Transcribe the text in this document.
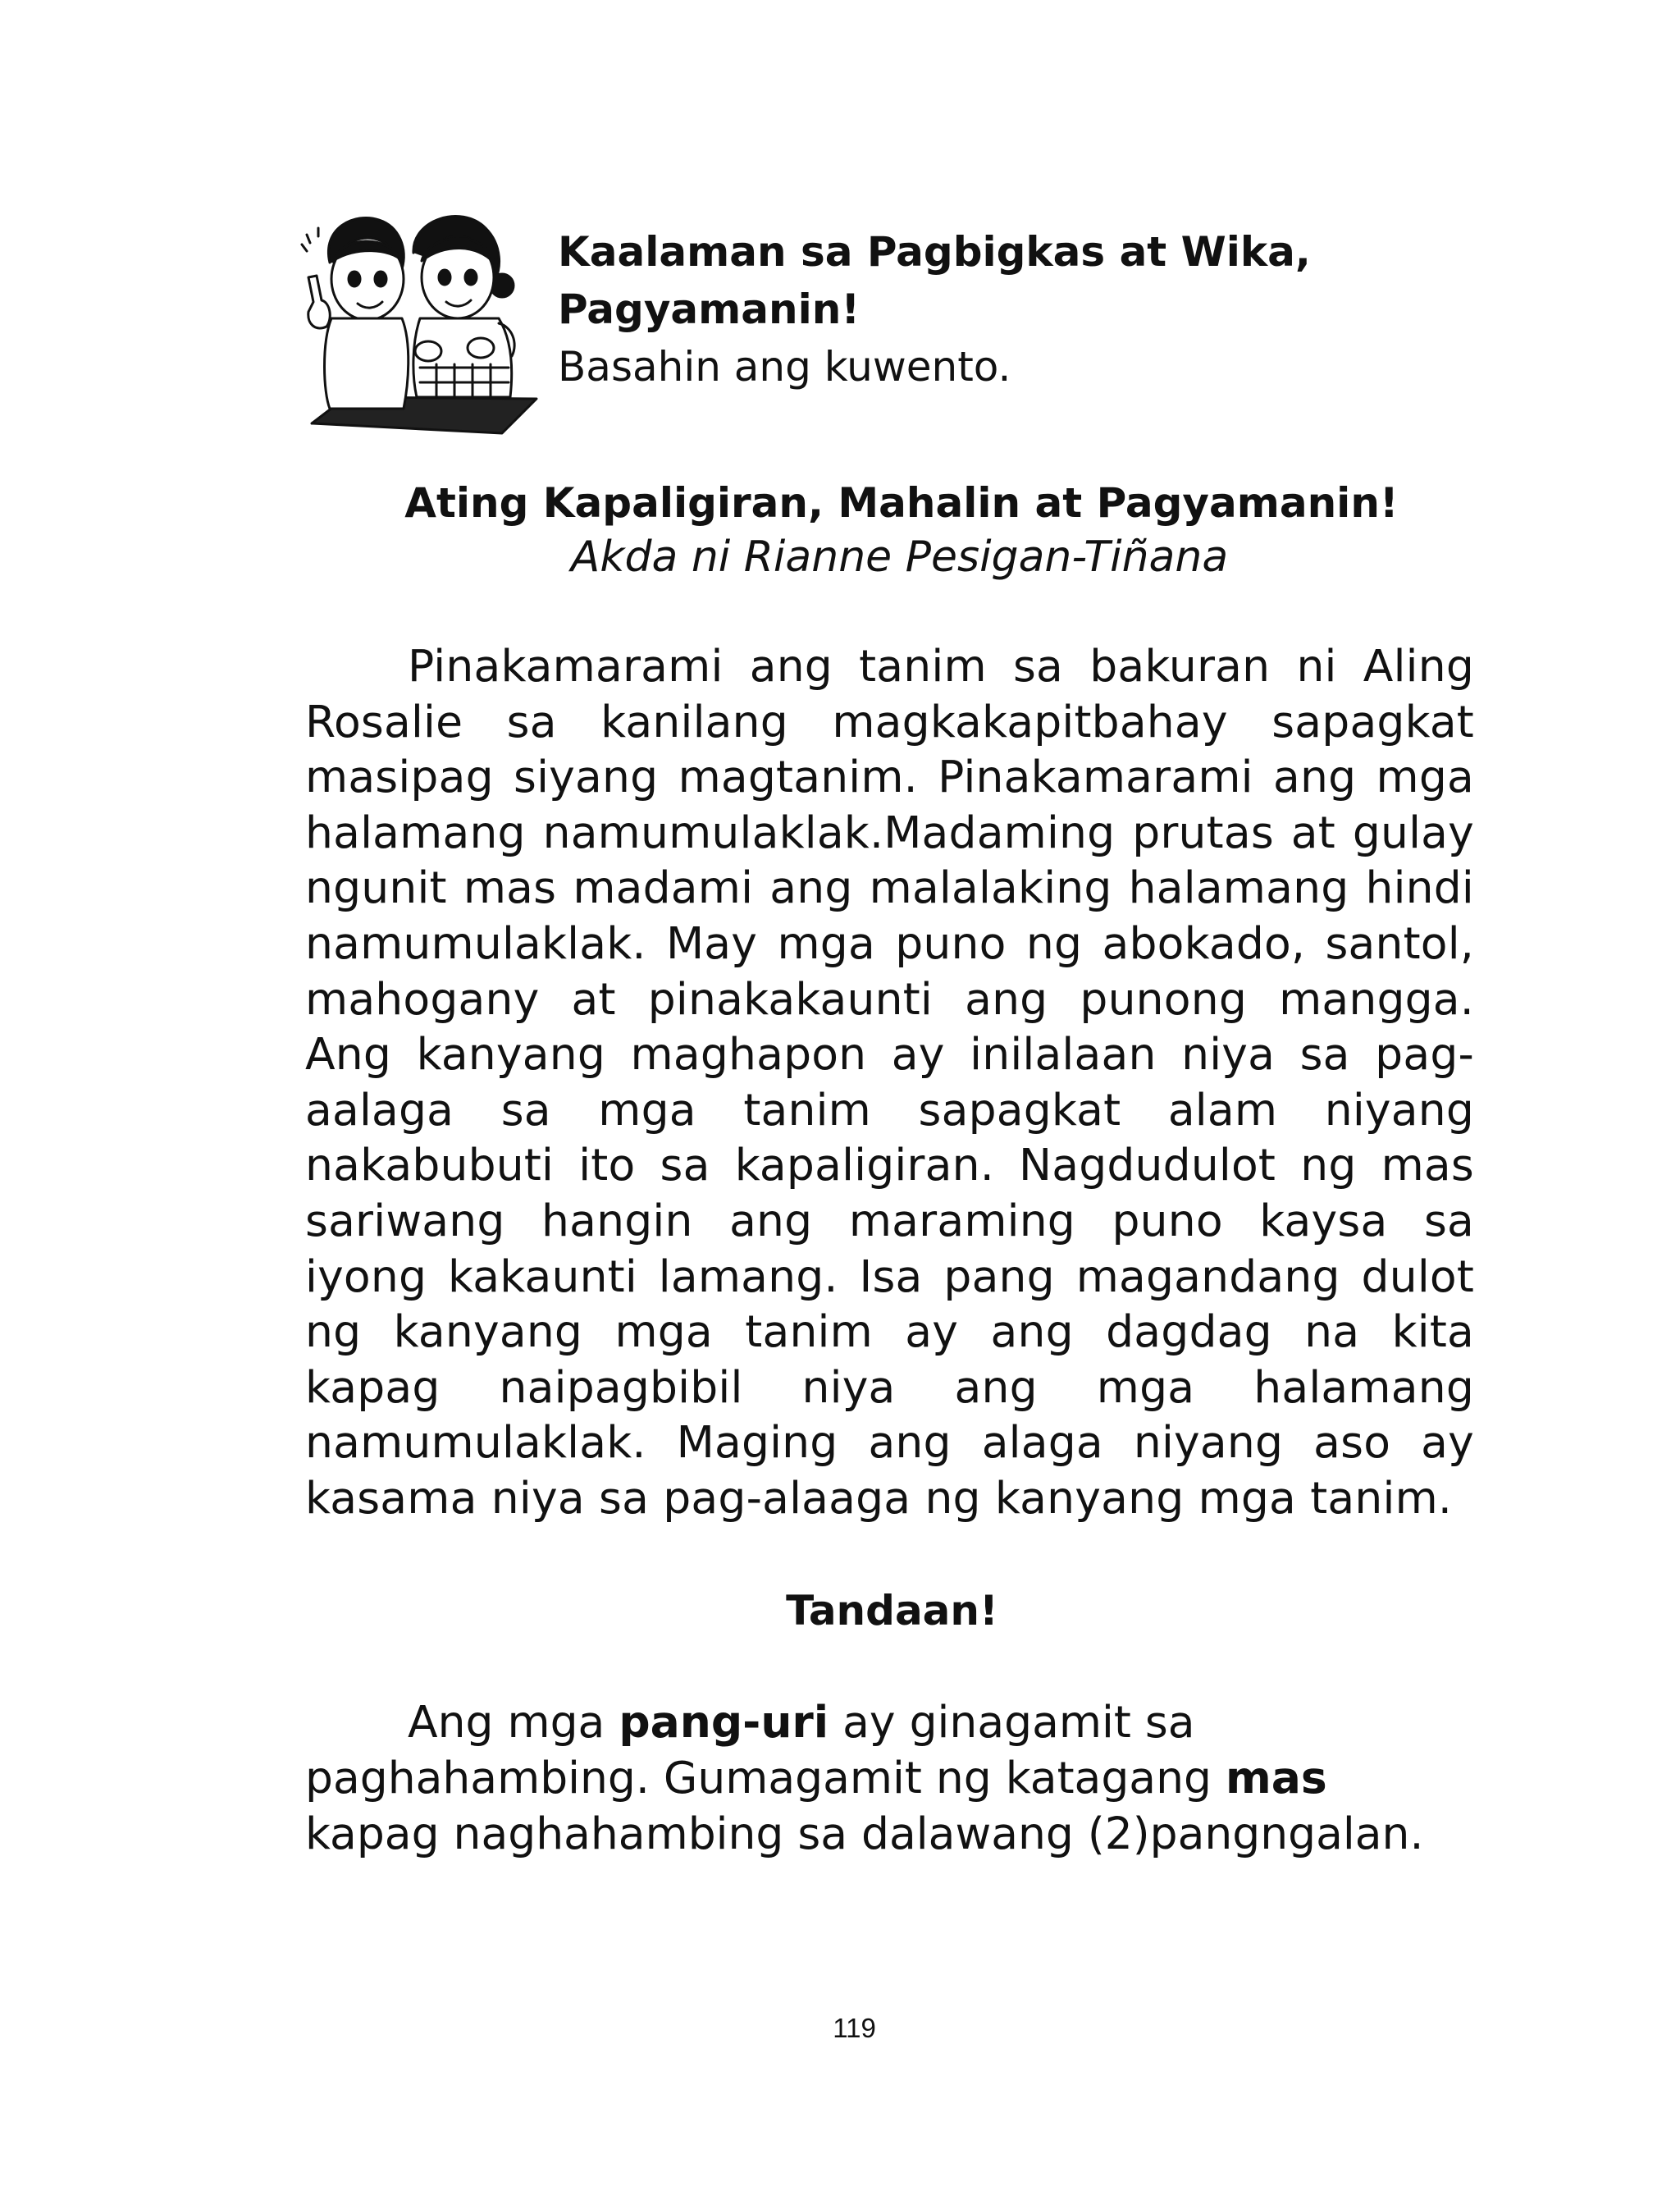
Kaalaman sa Pagbigkas at Wika,
Pagyamanin!
Basahin ang kuwento.
Ating Kapaligiran, Mahalin at Pagyamanin!
Akda ni Rianne Pesigan-Tiñana

Pinakamarami ang tanim sa bakuran ni Aling Rosalie sa kanilang magkakapitbahay sapagkat masipag siyang magtanim. Pinakamarami ang mga halamang namumulaklak.Madaming prutas at gulay ngunit mas madami ang malalaking halamang hindi namumulaklak. May mga puno ng abokado, santol, mahogany at pinakakaunti ang punong mangga. Ang kanyang maghapon ay inilalaan niya sa pag-aalaga sa mga tanim sapagkat alam niyang nakabubuti ito sa kapaligiran. Nagdudulot ng mas sariwang hangin ang maraming puno kaysa sa iyong kakaunti lamang. Isa pang magandang dulot ng kanyang mga tanim ay ang dagdag na kita kapag naipagbibil niya ang mga halamang namumulaklak. Maging ang alaga niyang aso ay kasama niya sa pag-alaaga ng kanyang mga tanim.

Tandaan!

Ang mga pang-uri ay ginagamit sa
paghahambing. Gumagamit ng katagang mas
kapag naghahambing sa dalawang (2)pangngalan.

119
